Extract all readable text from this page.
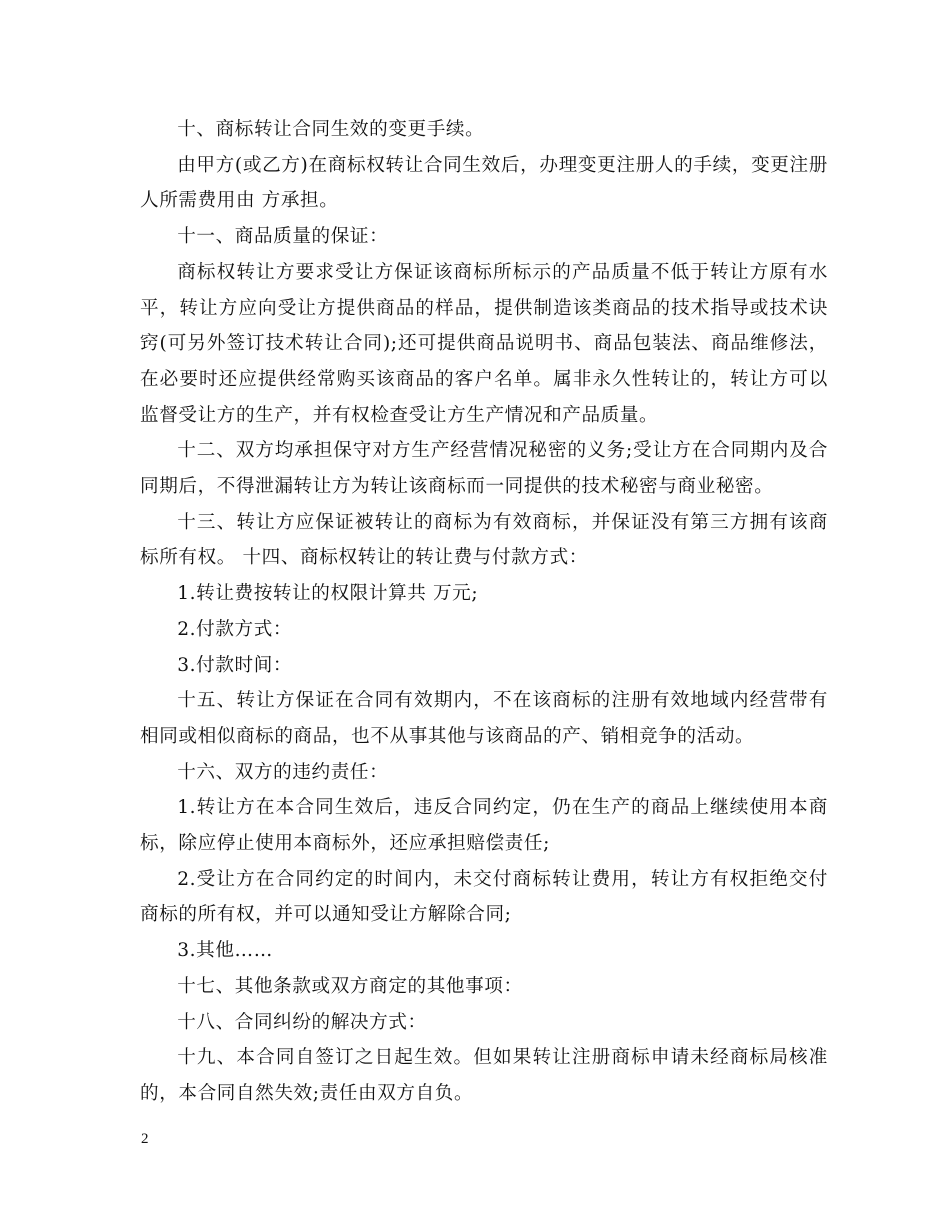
十、商标转让合同生效的变更手续。

由甲方(或乙方)在商标权转让合同生效后，办理变更注册人的手续，变更注册人所需费用由 方承担。

十一、商品质量的保证：

商标权转让方要求受让方保证该商标所标示的产品质量不低于转让方原有水平，转让方应向受让方提供商品的样品，提供制造该类商品的技术指导或技术诀窍(可另外签订技术转让合同);还可提供商品说明书、商品包装法、商品维修法，在必要时还应提供经常购买该商品的客户名单。属非永久性转让的，转让方可以监督受让方的生产，并有权检查受让方生产情况和产品质量。

十二、双方均承担保守对方生产经营情况秘密的义务;受让方在合同期内及合同期后，不得泄漏转让方为转让该商标而一同提供的技术秘密与商业秘密。

十三、转让方应保证被转让的商标为有效商标，并保证没有第三方拥有该商标所有权。 十四、商标权转让的转让费与付款方式：

1.转让费按转让的权限计算共 万元;

2.付款方式：

3.付款时间：

十五、转让方保证在合同有效期内，不在该商标的注册有效地域内经营带有相同或相似商标的商品，也不从事其他与该商品的产、销相竞争的活动。

十六、双方的违约责任：

1.转让方在本合同生效后，违反合同约定，仍在生产的商品上继续使用本商标，除应停止使用本商标外，还应承担赔偿责任;

2.受让方在合同约定的时间内，未交付商标转让费用，转让方有权拒绝交付商标的所有权，并可以通知受让方解除合同;

3.其他……

十七、其他条款或双方商定的其他事项：

十八、合同纠纷的解决方式：

十九、本合同自签订之日起生效。但如果转让注册商标申请未经商标局核准的，本合同自然失效;责任由双方自负。

2
